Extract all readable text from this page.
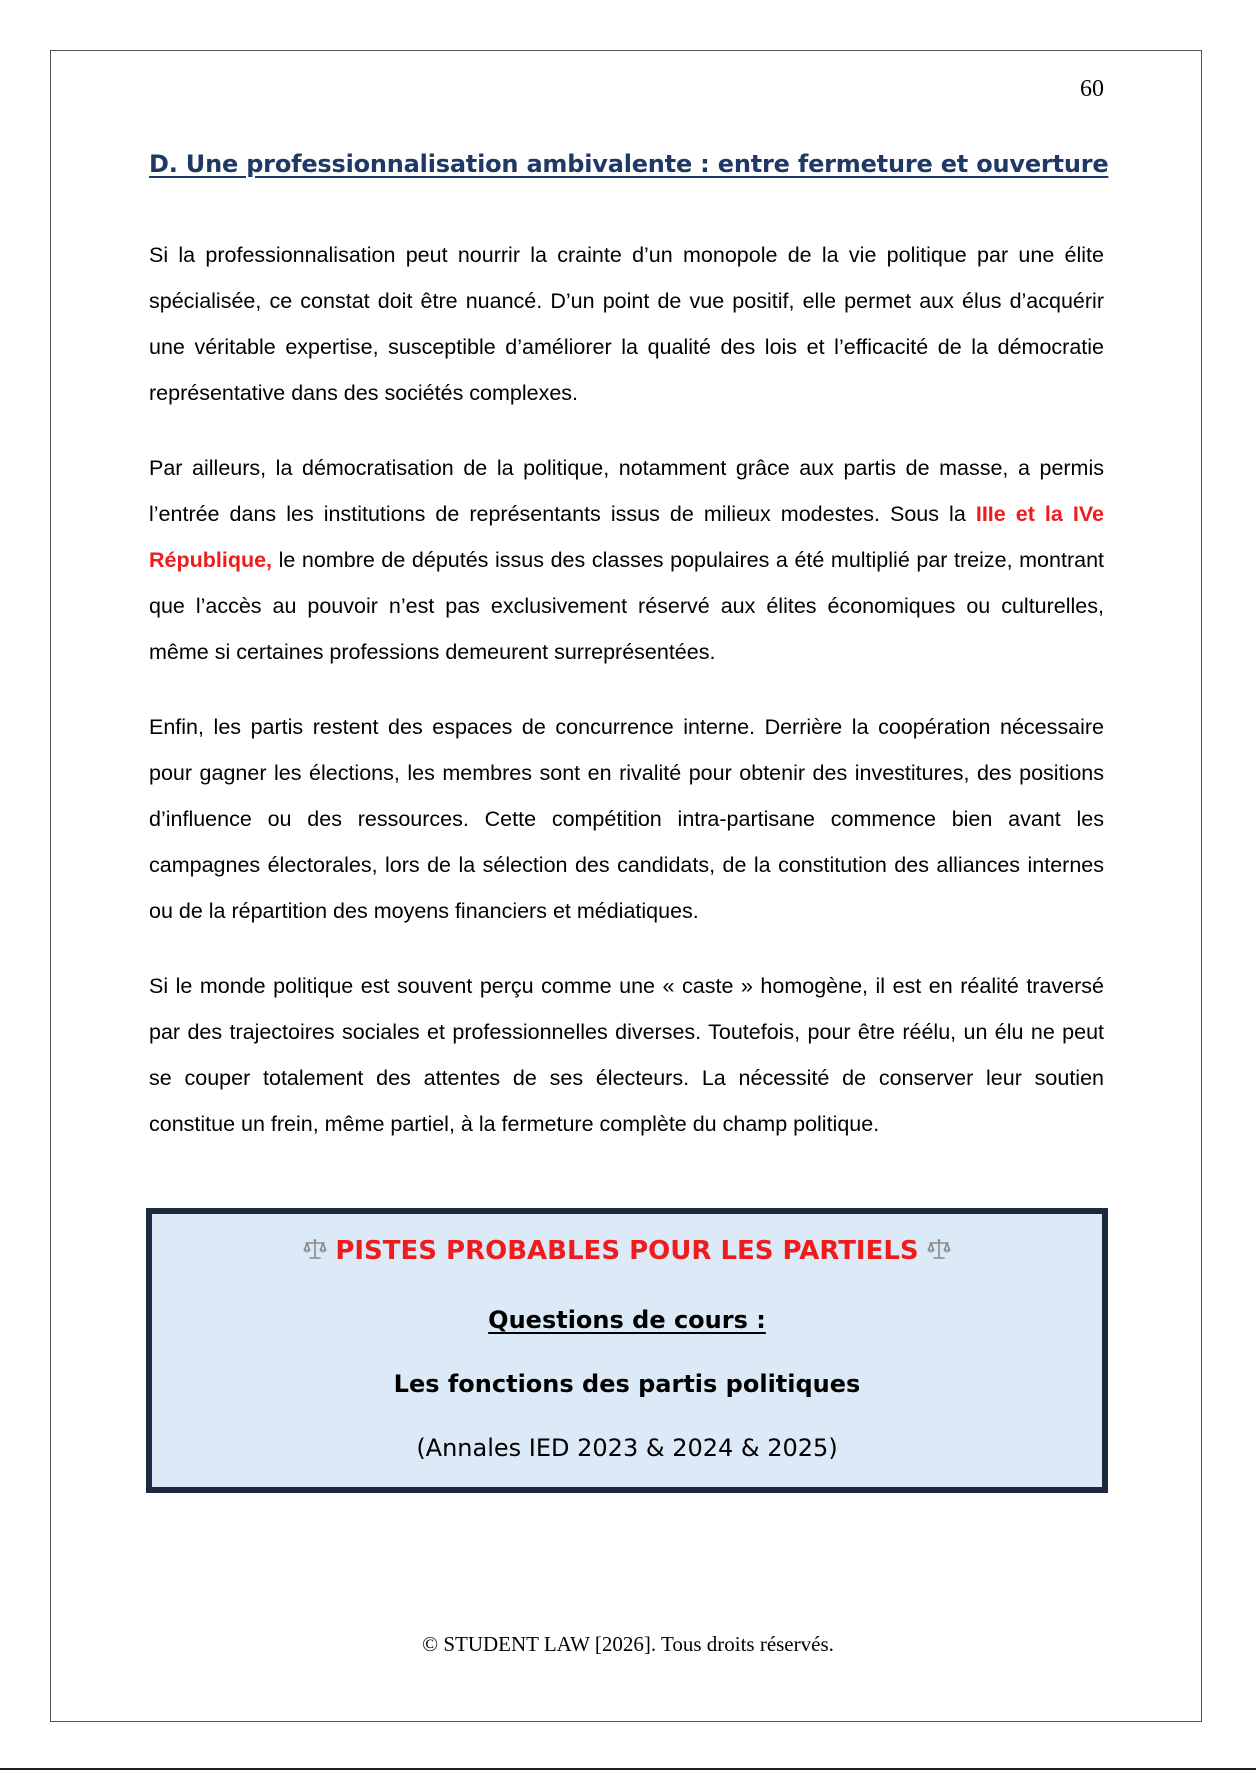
60
D. Une professionnalisation ambivalente : entre fermeture et ouverture

Si la professionnalisation peut nourrir la crainte d’un monopole de la vie politique par une élite spécialisée, ce constat doit être nuancé. D’un point de vue positif, elle permet aux élus d’acquérir une véritable expertise, susceptible d’améliorer la qualité des lois et l’efficacité de la démocratie représentative dans des sociétés complexes.

Par ailleurs, la démocratisation de la politique, notamment grâce aux partis de masse, a permis l’entrée dans les institutions de représentants issus de milieux modestes. Sous la IIIe et la IVe République, le nombre de députés issus des classes populaires a été multiplié par treize, montrant que l’accès au pouvoir n’est pas exclusivement réservé aux élites économiques ou culturelles, même si certaines professions demeurent surreprésentées.

Enfin, les partis restent des espaces de concurrence interne. Derrière la coopération nécessaire pour gagner les élections, les membres sont en rivalité pour obtenir des investitures, des positions d’influence ou des ressources. Cette compétition intra-partisane commence bien avant les campagnes électorales, lors de la sélection des candidats, de la constitution des alliances internes ou de la répartition des moyens financiers et médiatiques.

Si le monde politique est souvent perçu comme une « caste » homogène, il est en réalité traversé par des trajectoires sociales et professionnelles diverses. Toutefois, pour être réélu, un élu ne peut se couper totalement des attentes de ses électeurs. La nécessité de conserver leur soutien constitue un frein, même partiel, à la fermeture complète du champ politique.

PISTES PROBABLES POUR LES PARTIELS
Questions de cours :
Les fonctions des partis politiques
(Annales IED 2023 & 2024 & 2025)
© STUDENT LAW [2026]. Tous droits réservés.
